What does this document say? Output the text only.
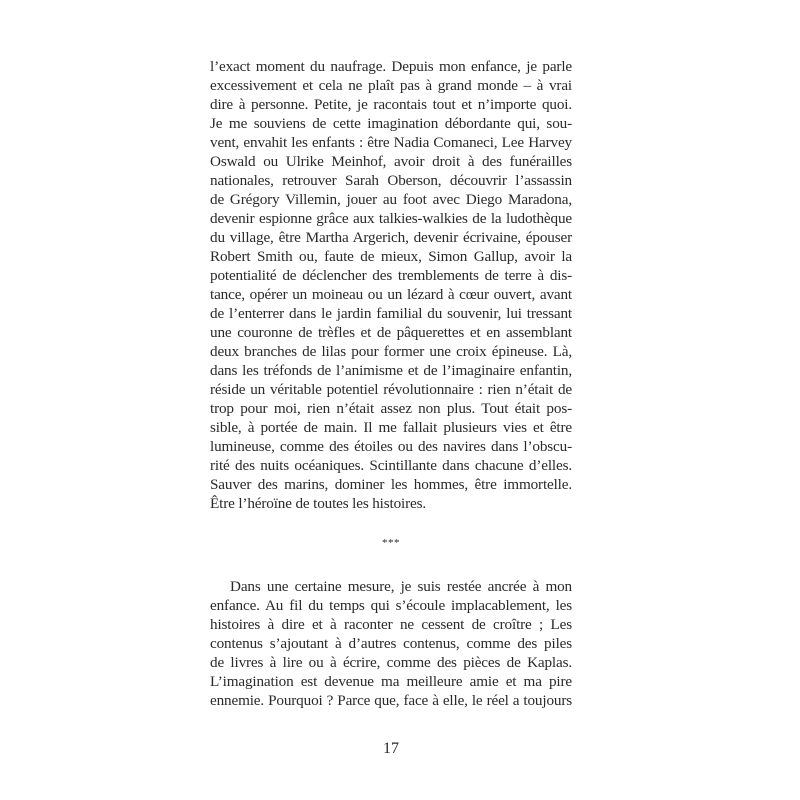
l’exact moment du naufrage. Depuis mon enfance, je parle
excessivement et cela ne plaît pas à grand monde – à vrai
dire à personne. Petite, je racontais tout et n’importe quoi.
Je me souviens de cette imagination débordante qui, sou-
vent, envahit les enfants : être Nadia Comaneci, Lee Harvey
Oswald ou Ulrike Meinhof, avoir droit à des funérailles
nationales, retrouver Sarah Oberson, découvrir l’assassin
de Grégory Villemin, jouer au foot avec Diego Maradona,
devenir espionne grâce aux talkies-walkies de la ludothèque
du village, être Martha Argerich, devenir écrivaine, épouser
Robert Smith ou, faute de mieux, Simon Gallup, avoir la
potentialité de déclencher des tremblements de terre à dis-
tance, opérer un moineau ou un lézard à cœur ouvert, avant
de l’enterrer dans le jardin familial du souvenir, lui tressant
une couronne de trèfles et de pâquerettes et en assemblant
deux branches de lilas pour former une croix épineuse. Là,
dans les tréfonds de l’animisme et de l’imaginaire enfantin,
réside un véritable potentiel révolutionnaire : rien n’était de
trop pour moi, rien n’était assez non plus. Tout était pos-
sible, à portée de main. Il me fallait plusieurs vies et être
lumineuse, comme des étoiles ou des navires dans l’obscu-
rité des nuits océaniques. Scintillante dans chacune d’elles.
Sauver des marins, dominer les hommes, être immortelle.
Être l’héroïne de toutes les histoires.
***
Dans une certaine mesure, je suis restée ancrée à mon
enfance. Au fil du temps qui s’écoule implacablement, les
histoires à dire et à raconter ne cessent de croître ; Les
contenus s’ajoutant à d’autres contenus, comme des piles
de livres à lire ou à écrire, comme des pièces de Kaplas.
L’imagination est devenue ma meilleure amie et ma pire
ennemie. Pourquoi ? Parce que, face à elle, le réel a toujours
17
